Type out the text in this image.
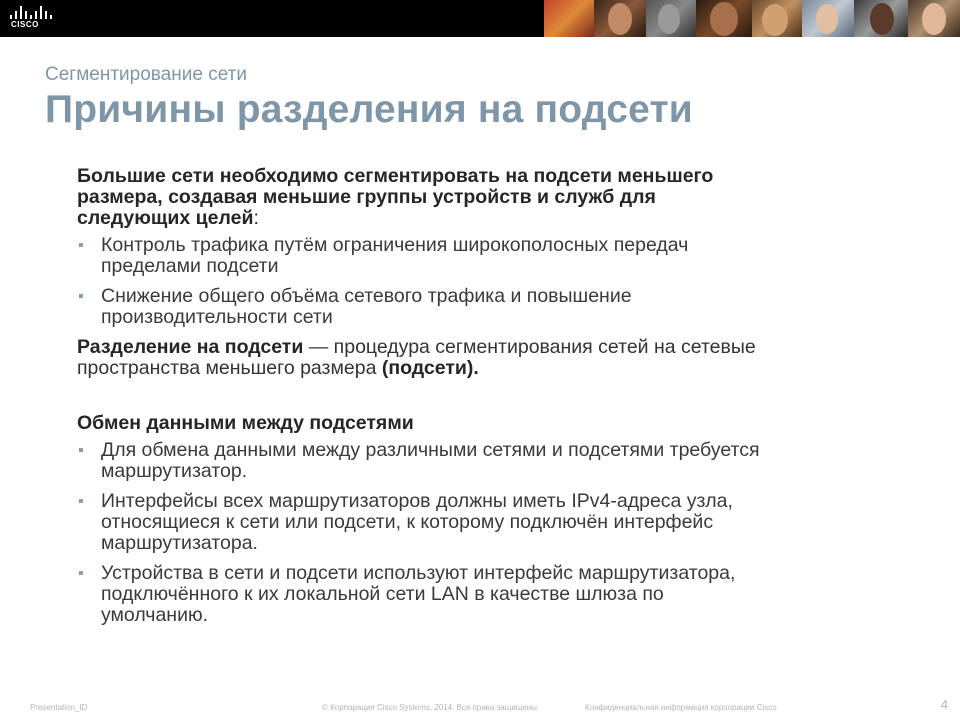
CISCO
Сегментирование сети
Причины разделения на подсети

Большие сети необходимо сегментировать на подсети меньшего
размера, создавая меньшие группы устройств и служб для
следующих целей:

▪ Контроль трафика путём ограничения широкополосных передач
пределами подсети
▪ Снижение общего объёма сетевого трафика и повышение
производительности сети

Разделение на подсети — процедура сегментирования сетей на сетевые
пространства меньшего размера (подсети).

Обмен данными между подсетями

▪ Для обмена данными между различными сетями и подсетями требуется
маршрутизатор.
▪ Интерфейсы всех маршрутизаторов должны иметь IPv4-адреса узла,
относящиеся к сети или подсети, к которому подключён интерфейс
маршрутизатора.
▪ Устройства в сети и подсети используют интерфейс маршрутизатора,
подключённого к их локальной сети LAN в качестве шлюза по
умолчанию.
Presentation_ID	© Корпорация Cisco Systems, 2014. Все права защищены.	Конфиденциальная информация корпорации Cisco	4
